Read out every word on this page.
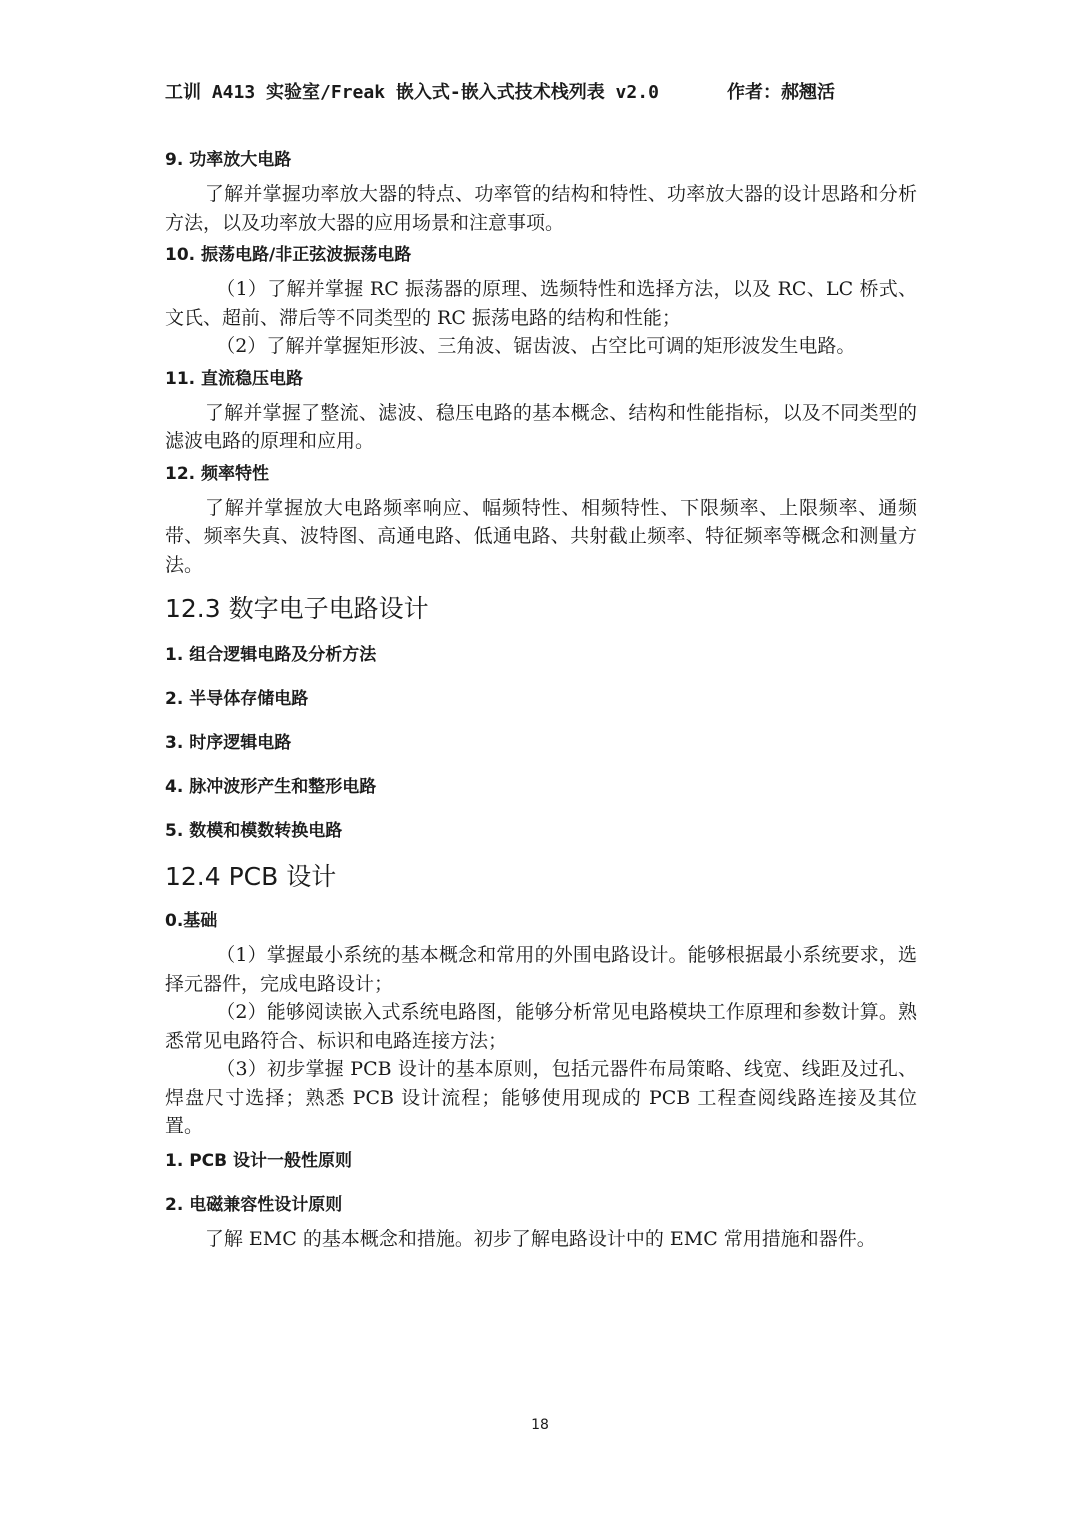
工训 A413 实验室/Freak 嵌入式-嵌入式技术栈列表 v2.0	作者：郝翘活
9. 功率放大电路

了解并掌握功率放大器的特点、功率管的结构和特性、功率放大器的设计思路和分析方法，以及功率放大器的应用场景和注意事项。

10. 振荡电路/非正弦波振荡电路

（1）了解并掌握 RC 振荡器的原理、选频特性和选择方法，以及 RC、LC 桥式、文氏、超前、滞后等不同类型的 RC 振荡电路的结构和性能；

（2）了解并掌握矩形波、三角波、锯齿波、占空比可调的矩形波发生电路。

11. 直流稳压电路

了解并掌握了整流、滤波、稳压电路的基本概念、结构和性能指标，以及不同类型的滤波电路的原理和应用。

12. 频率特性

了解并掌握放大电路频率响应、幅频特性、相频特性、下限频率、上限频率、通频带、频率失真、波特图、高通电路、低通电路、共射截止频率、特征频率等概念和测量方法。

12.3 数字电子电路设计
1. 组合逻辑电路及分析方法
2. 半导体存储电路
3. 时序逻辑电路
4. 脉冲波形产生和整形电路
5. 数模和模数转换电路
12.4 PCB 设计
0.基础

（1）掌握最小系统的基本概念和常用的外围电路设计。能够根据最小系统要求，选择元器件，完成电路设计；

（2）能够阅读嵌入式系统电路图，能够分析常见电路模块工作原理和参数计算。熟 悉常见电路符合、标识和电路连接方法；

（3）初步掌握 PCB 设计的基本原则，包括元器件布局策略、线宽、线距及过孔、焊盘尺寸选择；熟悉 PCB 设计流程；能够使用现成的 PCB 工程查阅线路连接及其位置。

1. PCB 设计一般性原则
2. 电磁兼容性设计原则

了解 EMC 的基本概念和措施。初步了解电路设计中的 EMC 常用措施和器件。

18
